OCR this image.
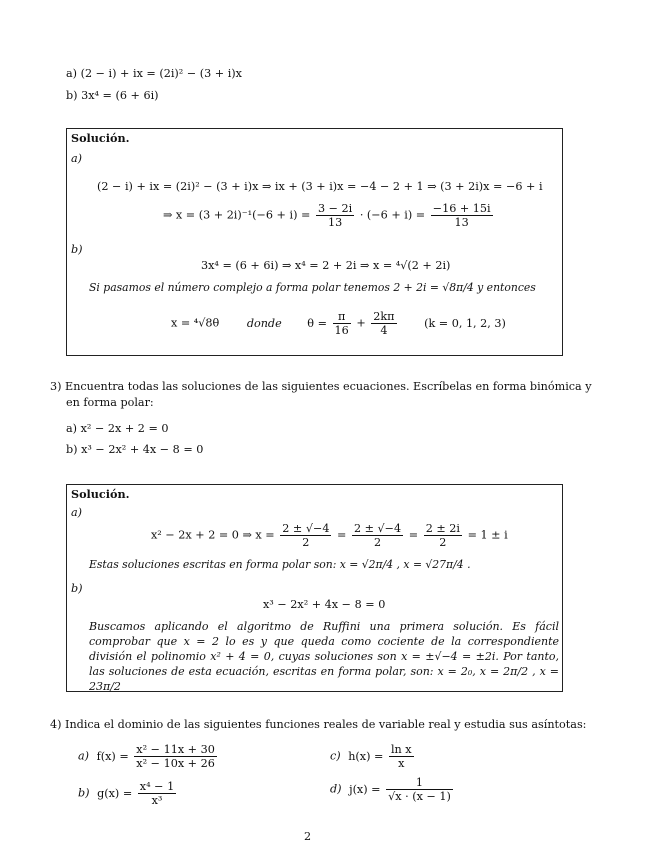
a) (2 − i) + ix = (2i)² − (3 + i)x
b) 3x⁴ = (6 + 6i)
Solución.
a)
(2 − i) + ix = (2i)² − (3 + i)x ⇒ ix + (3 + i)x = −4 − 2 + 1 ⇒ (3 + 2i)x = −6 + i
⇒ $x = (3 + 2i)^{-1}(-6 + i) = \frac{3 - 2i}{13} \cdot (-6 + i) = \frac{-16 + 15i}{13}$
b)
3x⁴ = (6 + 6i) ⇒ x⁴ = 2 + 2i ⇒ x = ⁴√(2 + 2i)
Si pasamos el número complejo a forma polar tenemos 2 + 2i = √8π/4 y entonces
x = ⁴√8θ donde $\theta = \frac{\pi}{16} + \frac{2k\pi}{4} (k = 0$, 1, 2, 3)
3) Encuentra todas las soluciones de las siguientes ecuaciones. Escríbelas en forma binómica y
en forma polar:
a) x² − 2x + 2 = 0
b) x³ − 2x² + 4x − 8 = 0
Solución.
a)
x² − 2x + 2 = 0 ⇒ $x = \frac{2 \pm √-4}{2} = \frac{2 \pm √-4}{2} = \frac{2 \pm 2i}{2} = 1 \pm i$
Estas soluciones escritas en forma polar son: x = √2π/4 , x = √27π/4 .
b)
x³ − 2x² + 4x − 8 = 0
Buscamos aplicando el algoritmo de Ruffini una primera solución. Es fácil comprobar que x = 2 lo es y que queda como cociente de la correspondiente división el polinomio x² + 4 = 0, cuyas soluciones son x = ±√−4 = ±2i. Por tanto, las soluciones de esta ecuación, escritas en forma polar, son: x = 2₀, x = 2π/2 , x = 23π/2
4) Indica el dominio de las siguientes funciones reales de variable real y estudia sus asíntotas:
a) $f(x) = \frac{\text{x² − 11x + 30}}{\text{x² − 10x + 26}}$
b) $g(x) = \frac{\text{x⁴ − 1}}{\text{x³}}$
c) $h(x) = \frac{\text{ln x}}{x}$
d) $j(x) = \frac{1}{√x \cdot (x - 1)}$
2
